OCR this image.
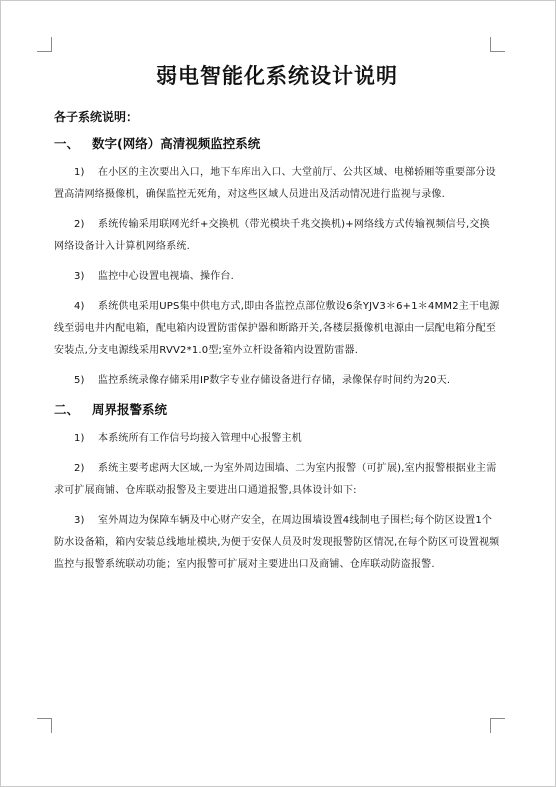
弱电智能化系统设计说明
各子系统说明：
一、 数字(网络）高清视频监控系统

1) 在小区的主次要出入口，地下车库出入口、大堂前厅、公共区域、电梯轿厢等重要部分设置高清网络摄像机，确保监控无死角，对这些区域人员进出及活动情况进行监视与录像.

2) 系统传输采用联网光纤+交换机（带光模块千兆交换机)+网络线方式传输视频信号,交换网络设备计入计算机网络系统.

3) 监控中心设置电视墙、操作台.

4) 系统供电采用UPS集中供电方式,即由各监控点部位敷设6条YJV3＊6+1＊4MM2主干电源线至弱电井内配电箱，配电箱内设置防雷保护器和断路开关,各楼层摄像机电源由一层配电箱分配至安装点,分支电源线采用RVV2*1.0型;室外立杆设备箱内设置防雷器.

5) 监控系统录像存储采用IP数字专业存储设备进行存储，录像保存时间约为20天.

二、 周界报警系统

1) 本系统所有工作信号均接入管理中心报警主机

2) 系统主要考虑两大区域,一为室外周边围墙、二为室内报警（可扩展),室内报警根据业主需求可扩展商铺、仓库联动报警及主要进出口通道报警,具体设计如下:

3) 室外周边为保障车辆及中心财产安全，在周边围墙设置4线制电子围栏;每个防区设置1个防水设备箱，箱内安装总线地址模块,为便于安保人员及时发现报警防区情况,在每个防区可设置视频监控与报警系统联动功能；室内报警可扩展对主要进出口及商铺、仓库联动防盗报警.
